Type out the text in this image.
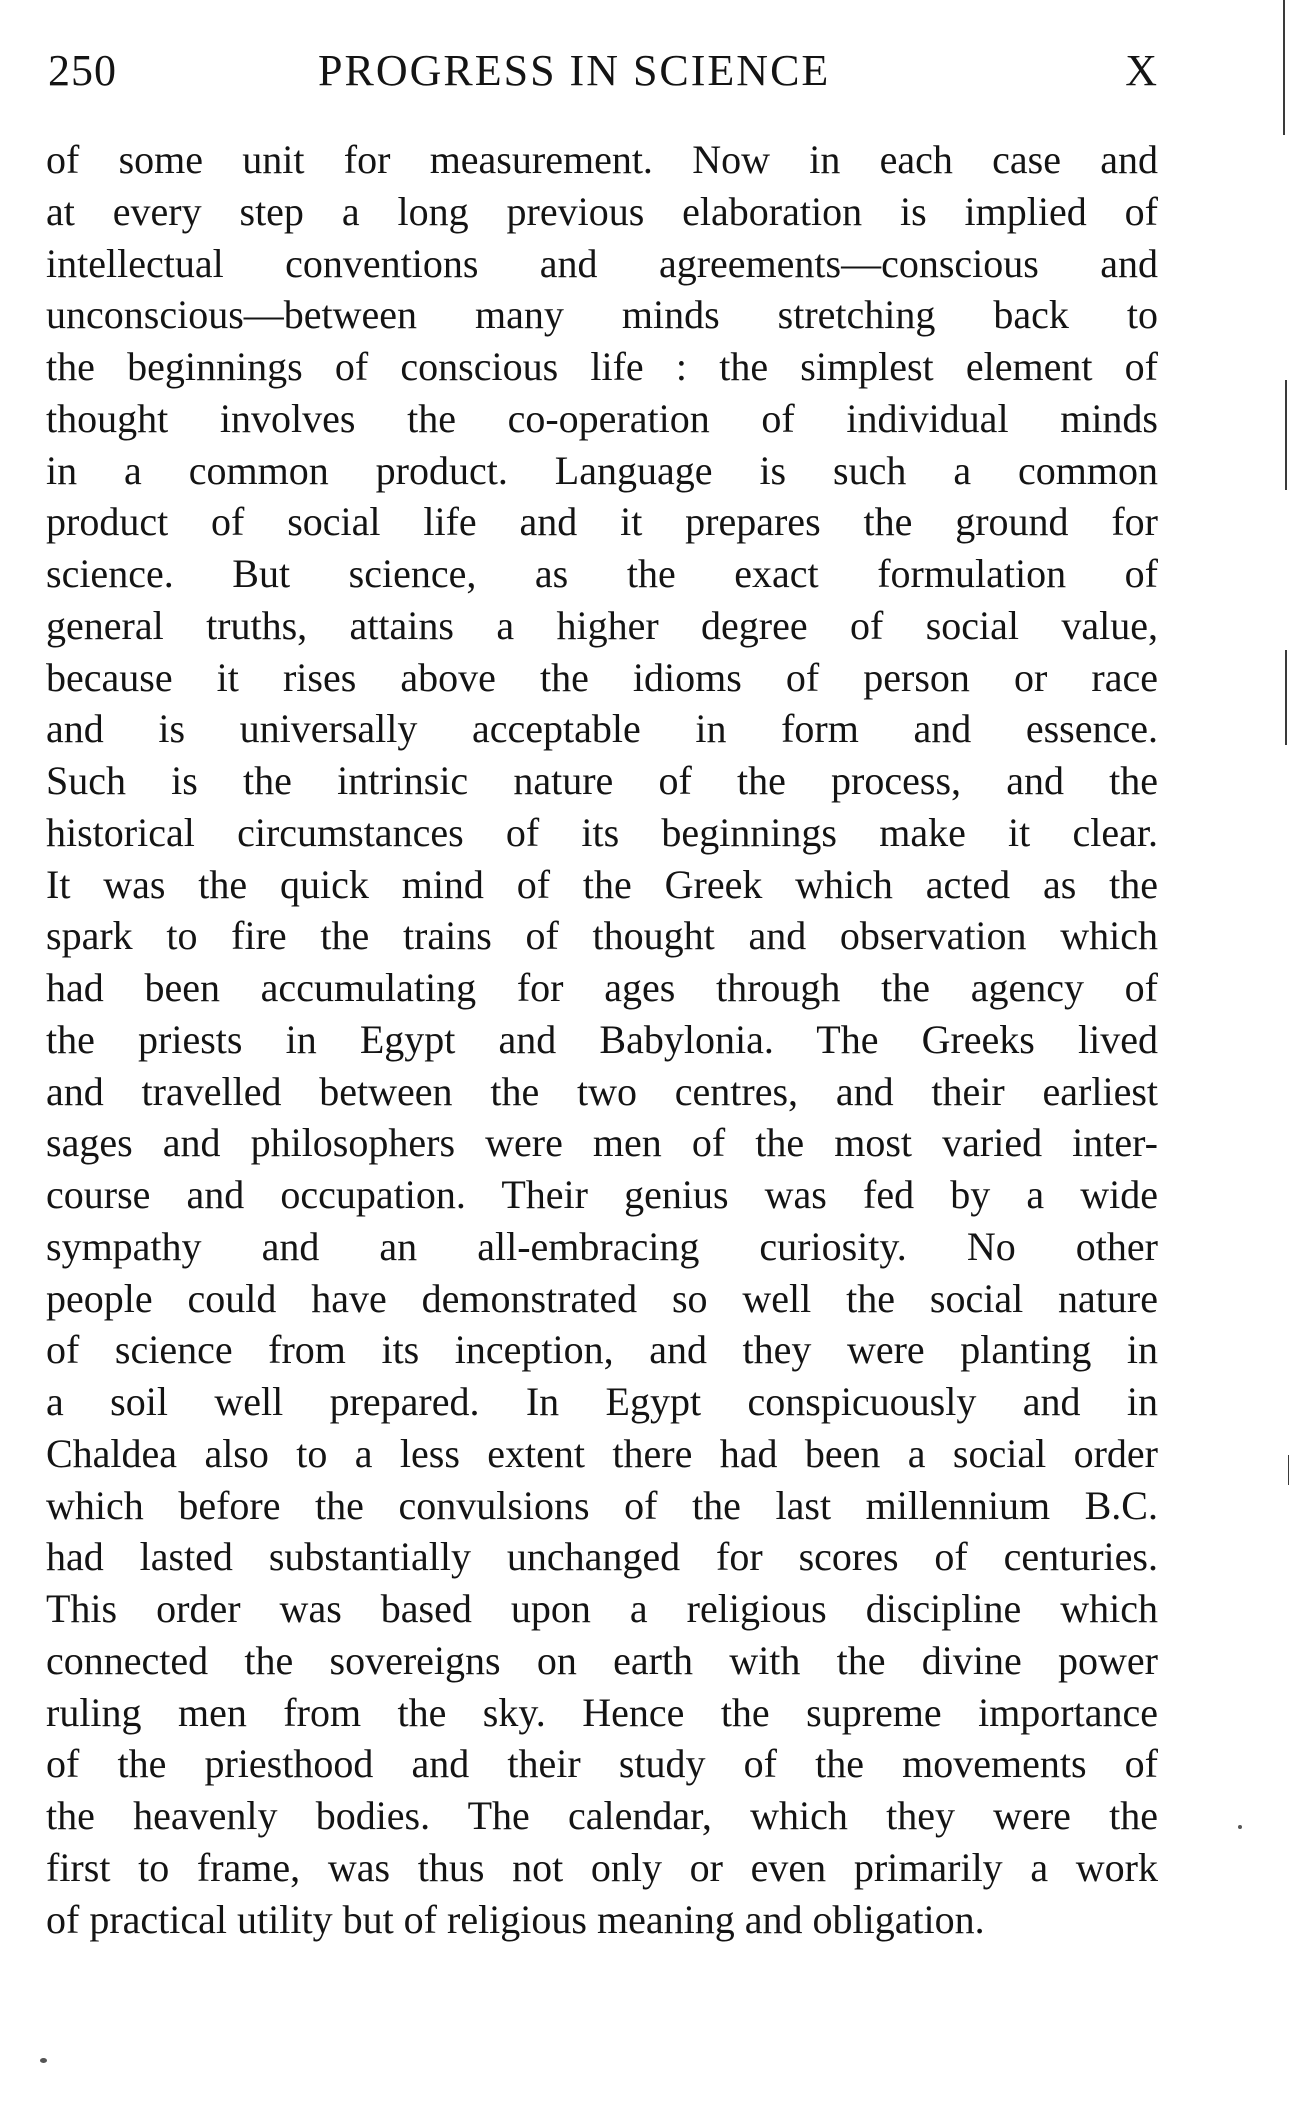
250	PROGRESS IN SCIENCE	X
of some unit for measurement. Now in each case and
at every step a long previous elaboration is implied of
intellectual conventions and agreements—conscious and
unconscious—between many minds stretching back to
the beginnings of conscious life : the simplest element of
thought involves the co-operation of individual minds
in a common product. Language is such a common
product of social life and it prepares the ground for
science. But science, as the exact formulation of
general truths, attains a higher degree of social value,
because it rises above the idioms of person or race
and is universally acceptable in form and essence.
Such is the intrinsic nature of the process, and the
historical circumstances of its beginnings make it clear.
It was the quick mind of the Greek which acted as the
spark to fire the trains of thought and observation which
had been accumulating for ages through the agency of
the priests in Egypt and Babylonia. The Greeks lived
and travelled between the two centres, and their earliest
sages and philosophers were men of the most varied inter-
course and occupation. Their genius was fed by a wide
sympathy and an all-embracing curiosity. No other
people could have demonstrated so well the social nature
of science from its inception, and they were planting in
a soil well prepared. In Egypt conspicuously and in
Chaldea also to a less extent there had been a social order
which before the convulsions of the last millennium B.C.
had lasted substantially unchanged for scores of centuries.
This order was based upon a religious discipline which
connected the sovereigns on earth with the divine power
ruling men from the sky. Hence the supreme importance
of the priesthood and their study of the movements of
the heavenly bodies. The calendar, which they were the
first to frame, was thus not only or even primarily a work
of practical utility but of religious meaning and obligation.
